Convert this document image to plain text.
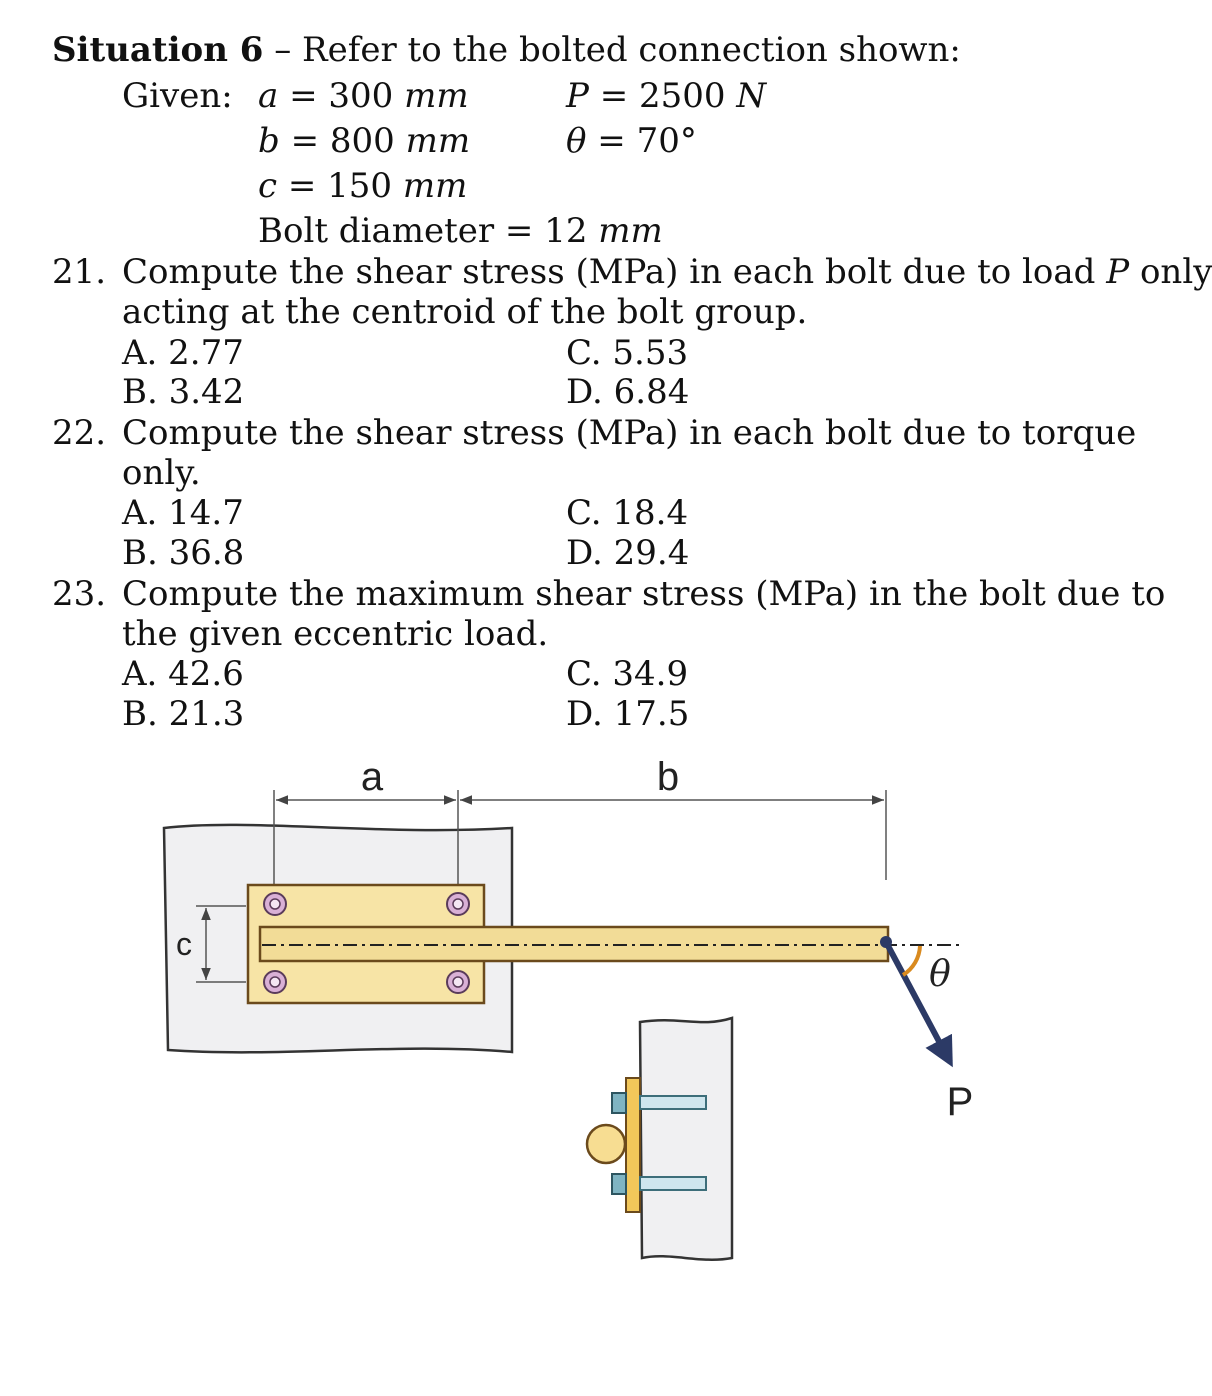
Situation 6 – Refer to the bolted connection shown:
Given: a = 300 mm	P = 2500 N
b = 800 mm	θ = 70°
c = 150 mm
Bolt diameter = 12 mm
21. Compute the shear stress (MPa) in each bolt due to load P only
acting at the centroid of the bolt group.
A. 2.77	C. 5.53
B. 3.42	D. 6.84
22. Compute the shear stress (MPa) in each bolt due to torque
only.
A. 14.7	C. 18.4
B. 36.8	D. 29.4
23. Compute the maximum shear stress (MPa) in the bolt due to
the given eccentric load.
A. 42.6	C. 34.9
B. 21.3	D. 17.5
a	b
c
θ
P
